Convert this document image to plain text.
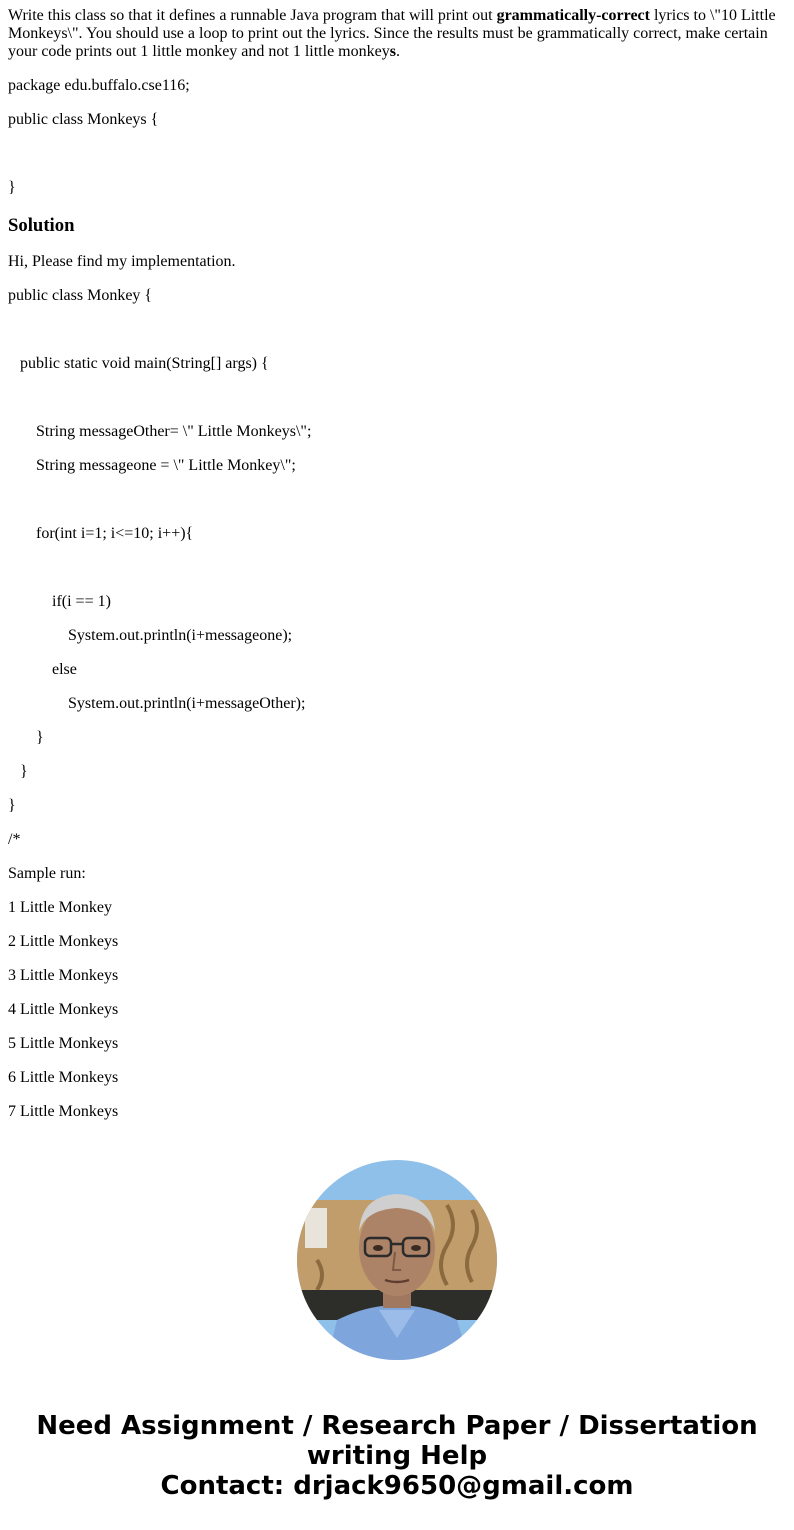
Write this class so that it defines a runnable Java program that will print out grammatically-correct lyrics to \"10 Little Monkeys\". You should use a loop to print out the lyrics. Since the results must be grammatically correct, make certain your code prints out 1 little monkey and not 1 little monkeys.

package edu.buffalo.cse116;

public class Monkeys {

}

Solution

Hi, Please find my implementation.

public class Monkey {

public static void main(String[] args) {

String messageOther= \" Little Monkeys\";

String messageone = \" Little Monkey\";

for(int i=1; i<=10; i++){

if(i == 1)

System.out.println(i+messageone);

else

System.out.println(i+messageOther);

}

}

}

/*

Sample run:

1 Little Monkey

2 Little Monkeys

3 Little Monkeys

4 Little Monkeys

5 Little Monkeys

6 Little Monkeys

7 Little Monkeys

Need Assignment / Research Paper / Dissertation
writing Help
Contact: drjack9650@gmail.com
